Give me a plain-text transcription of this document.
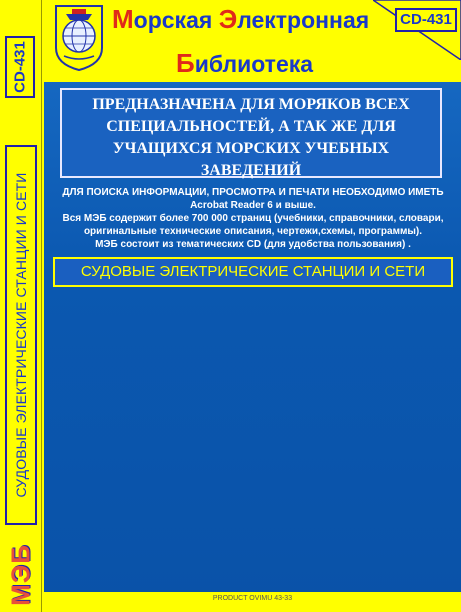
CD-431
СУДОВЫЕ ЭЛЕКТРИЧЕСКИЕ СТАНЦИИ И СЕТИ
МЭБ
Морская Электронная
Библиотека
CD-431
ПРЕДНАЗНАЧЕНА ДЛЯ МОРЯКОВ ВСЕХ СПЕЦИАЛЬНОСТЕЙ, А ТАК ЖЕ ДЛЯ УЧАЩИХСЯ МОРСКИХ УЧЕБНЫХ ЗАВЕДЕНИЙ

ДЛЯ ПОИСКА ИНФОРМАЦИИ, ПРОСМОТРА И ПЕЧАТИ НЕОБХОДИМО ИМЕТЬ Acrobat Reader 6 и выше.

Вся МЭБ содержит более 700 000 страниц (учебники, справочники, словари, оригинальные технические описания, чертежи,схемы, программы).

МЭБ состоит из тематических CD (для удобства пользования) .

СУДОВЫЕ ЭЛЕКТРИЧЕСКИЕ СТАНЦИИ И СЕТИ
PRODUCT OVIMU 43-33
